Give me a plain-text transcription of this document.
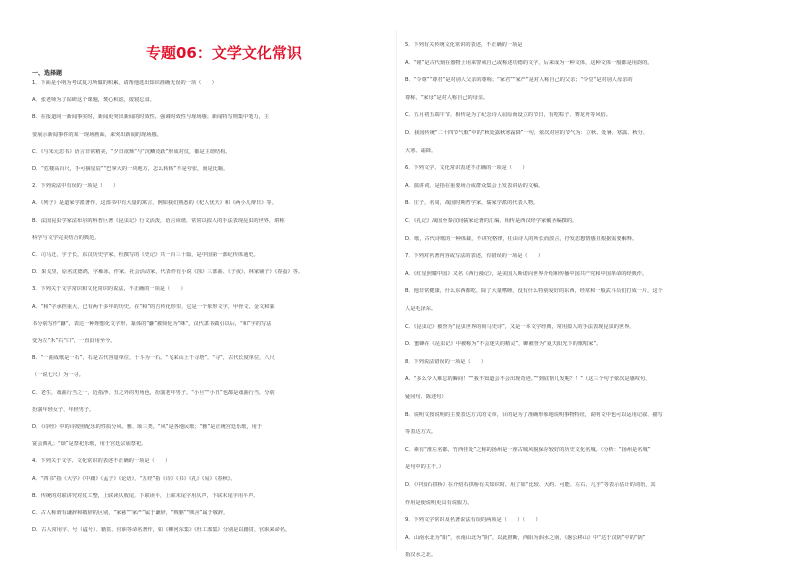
专题06：文学文化常识
一、选择题
1．下面是小明为考试复习所做的积累，请帮他选出知识准确无误的一项（　　）
A．张老师为了钻研这个课题，焚心积虑，废寝忘食。
B．在报道同一新闻事实时，新闻更突出新闻的时效性，强调时效性与现场感；新闻特写则集中笔力，主
要展示新闻事件的某一现场画面，来突出新闻的现场感。
C．《与朱元思书》语言非常精美，“夕日欲颓”与“沉鳞竞跃”形成对仗，都是主谓结构。
D．“危楼高百尺，手可摘星辰”“巴掌大的一块地方，怎么转转”不是夸张，而是比喻。
2．下列说法中有误的一项是（　　）
A．《列子》是道家学派著作，这部书中有大量的寓言，例如我们熟悉的《杞人忧天》和《两小儿辩日》等。
B．法国昆虫学家法布尔的科普巨著《昆虫记》行文活泼，语言诙谐，常常以拟人的手法表现昆虫的世界，堪称
科学与文学完美结合的典范。
C．司马迁，字子长，东汉历史学家，杜撰写的《史记》共一百三十篇，是中国第一部纪传体通史。
D．果戈里，原名沈德鸿，字雁冰，作家，社会活动家，代表作有小说《蚀》三部曲、《子夜》、林家铺子》《春蚕》等。
3．下列关于文学常识和文化常识的说法，不正确的一项是（　　）
A．“和”字承担重大，已有两千多年的历史。在“和”的吉传化形里，它是一个象形文字，甲骨文、金文和篆
书分别写作“龢”，表达一种理想化文字形，篆体的“龢”被简化为“咊”，汉代隶书做引以后，“和”字的写法
变为左“禾”右“口”，一直沿用至今。
B．“一曲成歌是一石”，石是古代容量单位，十斗为一石。“飞来山上千寻塔”，“寻”，古代长度单位，八尺
（一说七尺）为一寻。
C．老生，戏曲行当之一，近指净、丑之外的男角色，扮演老年男子。“小旦”“小丑”也都是戏曲行当，分别
扮演年轻女子、年轻男子。
D．《诗经》中的诗按照配乐的性质分风、雅、颂三类。“风”是各地民歌；“雅”是正统宫廷乐歌，用于
宴会典礼；“颂”是祭祀乐歌，用于宫廷宗庙祭祀。
4．下列关于文学、文化常识的表述不正确的一项是（　　）
A．“四书”指《大学》《中庸》《孟子》《论语》，“五经”指《诗》《书》《礼》《易》《春秋》。
B．传统的对联讲究对仗工整，上联读仄收尾，下联读平，上联末尾字用仄声，下联末尾字用平声。
C．古人称谓有谦辞和敬辞的区别，“家慈”“家严”属于谦辞，“贱躯”“贱舍”属于敬辞。
D．古人常用字、号（谥号）、籍贯、官职等命名著作，如《柳河东集》《杜工部集》分别是以籍贯、官职来命名。
5．下列有关传统文化常识的表述，不正确的一项是
A．“铭”是古代刻在器物上用来警戒自己或称述功德的文字，后来成为一种文体，这种文体一般都是用韵的。
B．“令尊”“尊君”是对别人父亲的尊称；“家君”“家严”是对人称自己的父亲；“令堂”是对别人母亲的
尊称，“家母”是对人称自己的母亲。
C．五月初五端午节，相传是为了纪念诗人屈原而设立的节日，有吃粽子、赛龙舟等风俗。
D．我国传统“二十四节气歌”中的“秋处露秋寒霜降”一句，依次对应的节气为：立秋、处暑、寒露、秋分、
大寒、霜降。
6．下列文学、文化常识表述不正确的一项是（　　）
A．演讲词，是指在重要场合或群众集会上发表讲话的文稿。
B．庄子，名周，战国时期哲学家，儒家学派的代表人物。
C．《礼记》战国至秦汉间儒家论著的汇编，相传是西汉经学家戴圣编撰的。
D．歌，古代诗歌的一种体裁，不讲究格律，任由诗人的所长而放言，抒发思想情感且根据需要解释。
7．下列对名著内容或写法的表述，有错误的一项是（　　）
A．《红星照耀中国》又名《西行漫记》，是美国人斯诺向世界介绍和传播中国共产党和中国革命的经典作。
B．他非常健康，什么东西都吃，除了大量嗜睡，没有什么特别爱好的东西，经常和一般武斗员们打成一片，这个
人是毛泽东。
C．《昆虫记》被誉为“昆虫世界的荷马史诗”，又是一本文学经典，常用拟人的手法表现昆虫的世界。
D．蜜蜂在《昆虫记》中被称为“不会迷失的精灵”，蝉被誉为“夏天阳光下的歌唱家”。
8．下列说法错误的一项是（　　）
A．“多么令人难忘的瞬间！”“我不知道会不会出现奇迹。”“到底帮几发呢？！”（这三个句子依次是感叹句、
疑问句、陈述句）
B．说明文按说明的主要表达方式的文章，目的是为了准确形象地说明事物特征，说明文中也可以运用记叙、描写
等表达方式。
C．素有“淮左名都，竹西佳处”之称的扬州是一座古城风貌保存较好的历史文化名城。（分析：“扬州是名城”
是句中的主干。）
D．《中国石拱桥》在介绍石拱桥有关知识时，用了如“比较、大约、可能、左右、几乎”等表示估计的词语，其
作用是使说明更具有说服力。
9．下列文学常识及名著说法有误的两项是（　　）（　　）
A．山南水北为“阳”，水南山北为“阴”。以此推断，西阳为泅水之南，《愚公移山》中“达于汉阴”中的“阴”
指汉水之北。
